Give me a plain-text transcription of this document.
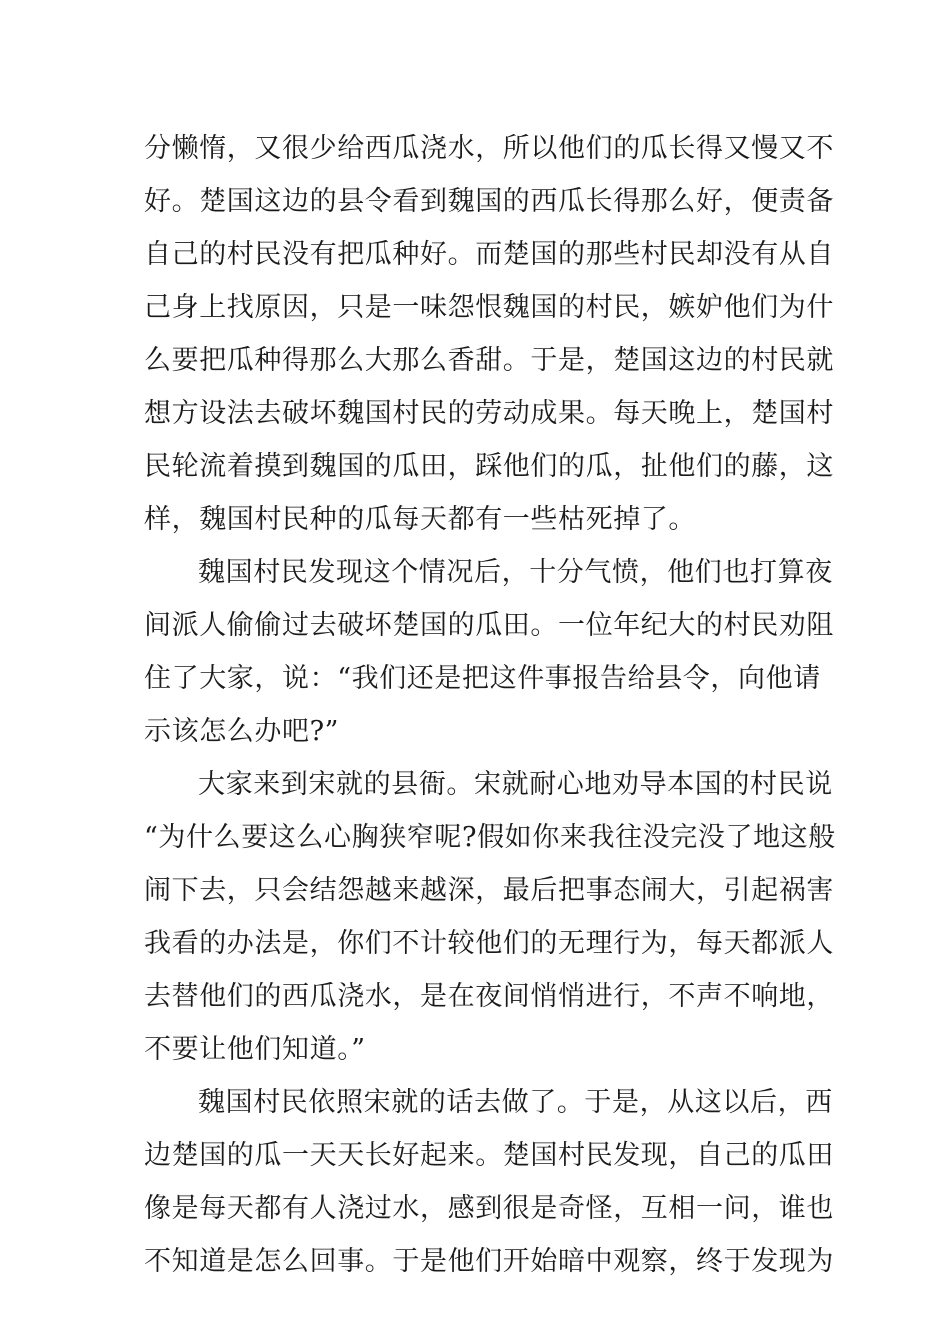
分懒惰，又很少给西瓜浇水，所以他们的瓜长得又慢又不
好。楚国这边的县令看到魏国的西瓜长得那么好，便责备
自己的村民没有把瓜种好。而楚国的那些村民却没有从自
己身上找原因，只是一味怨恨魏国的村民，嫉妒他们为什
么要把瓜种得那么大那么香甜。于是，楚国这边的村民就
想方设法去破坏魏国村民的劳动成果。每天晚上，楚国村
民轮流着摸到魏国的瓜田，踩他们的瓜，扯他们的藤，这
样，魏国村民种的瓜每天都有一些枯死掉了。
魏国村民发现这个情况后，十分气愤，他们也打算夜
间派人偷偷过去破坏楚国的瓜田。一位年纪大的村民劝阻
住了大家，说：“我们还是把这件事报告给县令，向他请
示该怎么办吧?”
大家来到宋就的县衙。宋就耐心地劝导本国的村民说
“为什么要这么心胸狭窄呢?假如你来我往没完没了地这般
闹下去，只会结怨越来越深，最后把事态闹大，引起祸害
我看的办法是，你们不计较他们的无理行为，每天都派人
去替他们的西瓜浇水，是在夜间悄悄进行，不声不响地，
不要让他们知道。”
魏国村民依照宋就的话去做了。于是，从这以后，西
边楚国的瓜一天天长好起来。楚国村民发现，自己的瓜田
像是每天都有人浇过水，感到很是奇怪，互相一问，谁也
不知道是怎么回事。于是他们开始暗中观察，终于发现为
